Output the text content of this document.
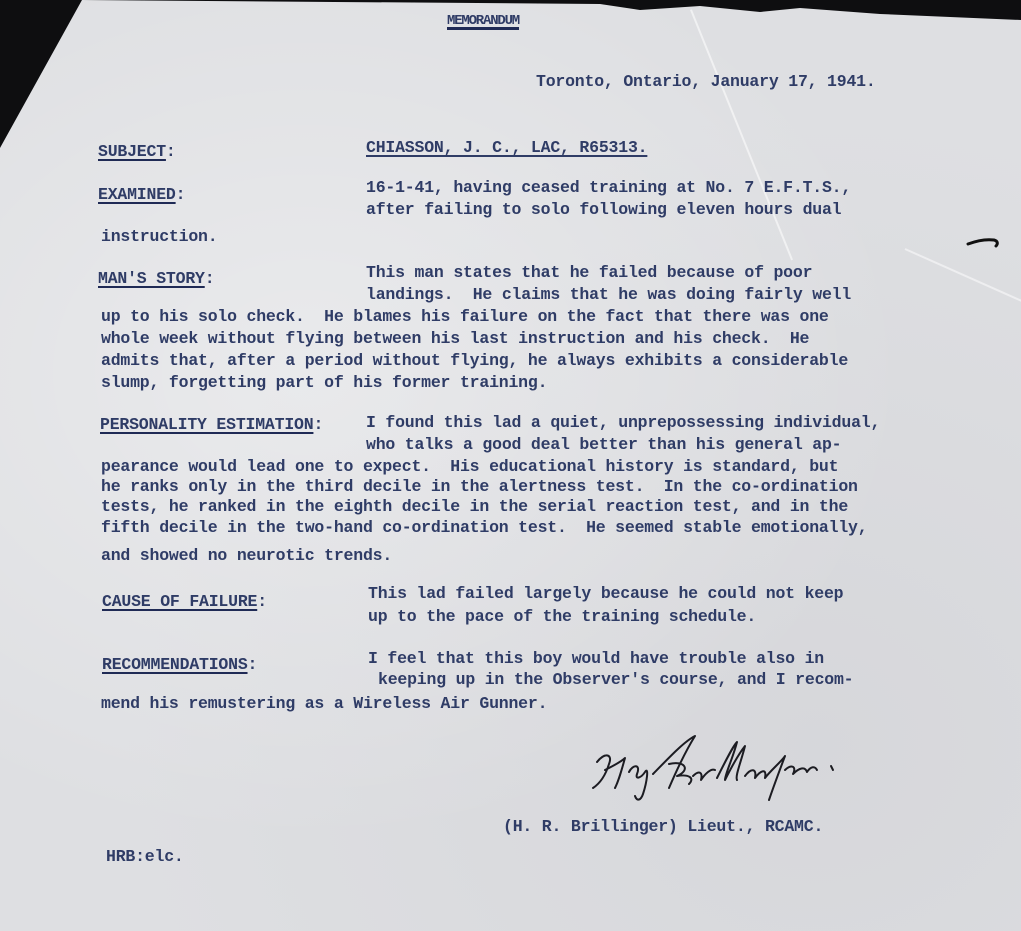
MEMORANDUM
Toronto, Ontario, January 17, 1941.
SUBJECT:	CHIASSON, J. C., LAC, R65313.
EXAMINED:	16-1-41, having ceased training at No. 7 E.F.T.S.,
after failing to solo following eleven hours dual
instruction.
MAN'S STORY:	This man states that he failed because of poor
landings.  He claims that he was doing fairly well
up to his solo check.  He blames his failure on the fact that there was one
whole week without flying between his last instruction and his check.  He
admits that, after a period without flying, he always exhibits a considerable
slump, forgetting part of his former training.
PERSONALITY ESTIMATION:	I found this lad a quiet, unprepossessing individual,
who talks a good deal better than his general ap-
pearance would lead one to expect.  His educational history is standard, but
he ranks only in the third decile in the alertness test.  In the co-ordination
tests, he ranked in the eighth decile in the serial reaction test, and in the
fifth decile in the two-hand co-ordination test.  He seemed stable emotionally,
and showed no neurotic trends.
CAUSE OF FAILURE:	This lad failed largely because he could not keep
up to the pace of the training schedule.
RECOMMENDATIONS:	I feel that this boy would have trouble also in
keeping up in the Observer's course, and I recom-
mend his remustering as a Wireless Air Gunner.
(H. R. Brillinger) Lieut., RCAMC.
HRB:elc.
